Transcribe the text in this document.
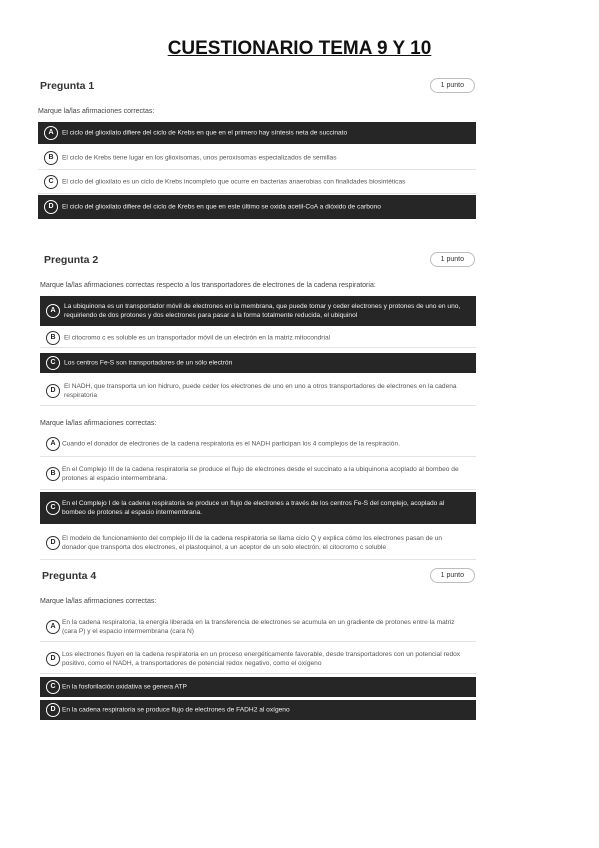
CUESTIONARIO TEMA 9 Y 10
Pregunta 1	1 punto
Marque la/las afirmaciones correctas:
A	El ciclo del glioxilato difiere del ciclo de Krebs en que en el primero hay síntesis neta de succinato
B	El ciclo de Krebs tiene lugar en los glioxisomas, unos peroxisomas especializados de semillas
C	El ciclo del glioxilato es un ciclo de Krebs incompleto que ocurre en bacterias anaerobias con finalidades biosintéticas
D	El ciclo del glioxilato difiere del ciclo de Krebs en que en este último se oxida acetil-CoA a dióxido de carbono
Pregunta 2	1 punto
Marque la/las afirmaciones correctas respecto a los transportadores de electrones de la cadena respiratoria:
A
La ubiquinona es un transportador móvil de electrones en la membrana, que puede tomar y ceder electrones y protones de uno en uno, requiriendo de dos protones y dos electrones para pasar a la forma totalmente reducida, el ubiquinol
B	El citocromo c es soluble es un transportador móvil de un electrón en la matriz mitocondrial
C	Los centros Fe-S son transportadores de un sólo electrón
D
El NADH, que transporta un ion hidruro, puede ceder los electrones de uno en uno a otros transportadores de electrones en la cadena respiratoria
Marque la/las afirmaciones correctas:
A Cuando el donador de electrones de la cadena respiratoria es el NADH participan los 4 complejos de la respiración.
B
En el Complejo III de la cadena respiratoria se produce el flujo de electrones desde el succinato a la ubiquinona acoplado al bombeo de protones al espacio intermembrana.
C
En el Complejo I de la cadena respiratoria se produce un flujo de electrones a través de los centros Fe-S del complejo, acoplado al bombeo de protones al espacio intermembrana.
D
El modelo de funcionamiento del complejo III de la cadena respiratoria se llama ciclo Q y explica cómo los electrones pasan de un donador que transporta dos electrones, el plastoquinol, a un aceptor de un solo electrón, el citocromo c soluble
Pregunta 4	1 punto
Marque la/las afirmaciones correctas:
A
En la cadena respiratoria, la energía liberada en la transferencia de electrones se acumula en un gradiente de protones entre la matriz (cara P) y el espacio intermembrana (cara N)
D
Los electrones fluyen en la cadena respiratoria en un proceso energéticamente favorable, desde transportadores con un potencial redox positivo, como el NADH, a transportadores de potencial redox negativo, como el oxígeno
C En la fosforilación oxidativa se genera ATP
D En la cadena respiratoria se produce flujo de electrones de FADH2 al oxígeno
